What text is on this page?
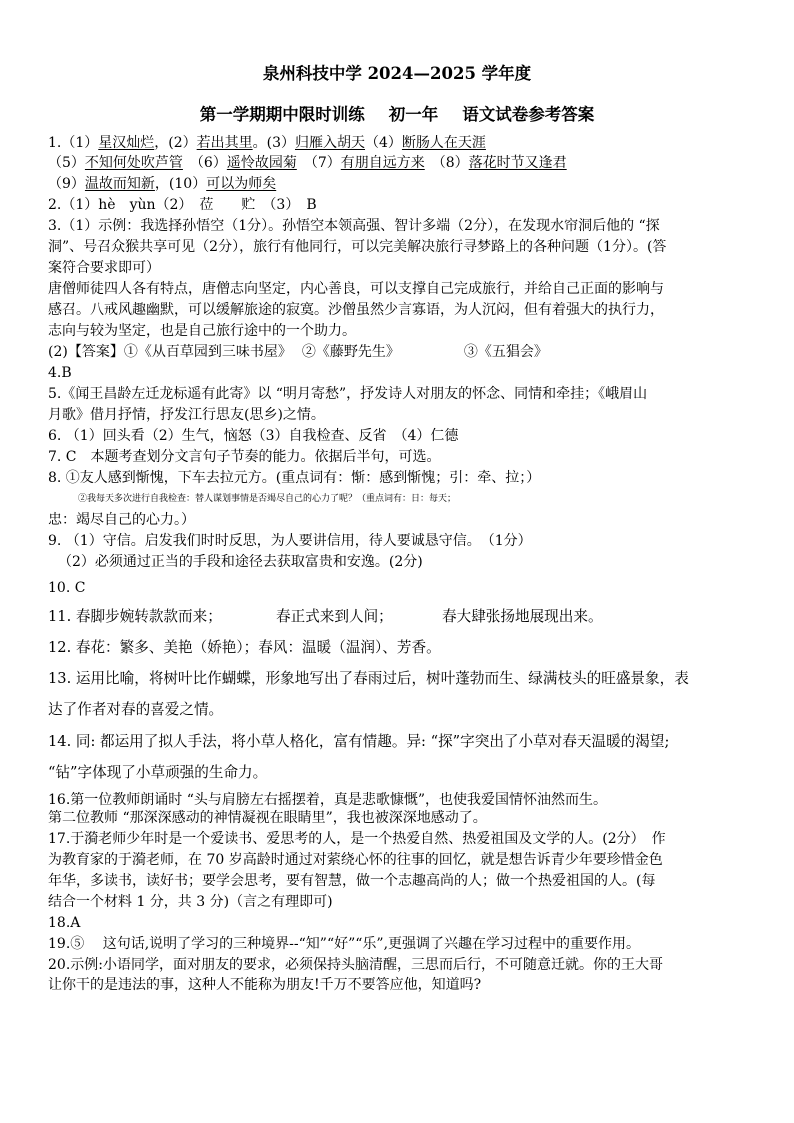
泉州科技中学 2024—2025 学年度
第一学期期中限时训练 初一年 语文试卷参考答案
1.（1）星汉灿烂，(2）若出其里。(3）归雁入胡天（4）断肠人在天涯
（5）不知何处吹芦管　 （6）遥怜故园菊　 （7）有朋自远方来　 （8）落花时节又逢君
（9）温故而知新，(10）可以为师矣
2.（1）hè　yùn（2）　莅　　贮　（3）　B
3.（1）示例：我选择孙悟空（1分）。孙悟空本领高强、智计多端（2分），在发现水帘洞后他的 “探
洞”、号召众猴共享可见（2分），旅行有他同行，可以完美解决旅行寻梦路上的各种问题（1分）。(答
案符合要求即可）
唐僧师徒四人各有特点，唐僧志向坚定，内心善良，可以支撑自己完成旅行，并给自己正面的影响与
感召。八戒风趣幽默，可以缓解旅途的寂寞。沙僧虽然少言寡语，为人沉闷，但有着强大的执行力，
志向与较为坚定，也是自己旅行途中的一个助力。
(2)【答案】①《从百草园到三味书屋》 ②《藤野先生》	③《五猖会》
4.B
5.《闻王昌龄左迁龙标遥有此寄》以 “明月寄愁”，抒发诗人对朋友的怀念、同情和牵挂；《峨眉山
月歌》借月抒情，抒发江行思友(思乡)之情。
6. （1）回头看（2）生气，恼怒（3）自我检查、反省　（4）仁德
7. C　本题考查划分文言句子节奏的能力。依据后半句，可选。
8. ①友人感到惭愧，下车去拉元方。(重点词有：惭：感到惭愧；引：牵、拉；）
②我每天多次进行自我检查：替人谋划事情是否竭尽自己的心力了呢？（重点词有：日：每天；
忠：竭尽自己的心力。）
9. （1）守信。启发我们时时反思，为人要讲信用，待人要诚恳守信。　（1分）
（2）必须通过正当的手段和途径去获取富贵和安逸。(2分)
10. C
11. 春脚步婉转款款而来；	春正式来到人间；	春大肆张扬地展现出来。
12. 春花：繁多、美艳（娇艳）；春风：温暖（温润）、芳香。
13. 运用比喻，将树叶比作蝴蝶，形象地写出了春雨过后，树叶蓬勃而生、绿满枝头的旺盛景象，表
达了作者对春的喜爱之情。
14. 同: 都运用了拟人手法，将小草人格化，富有情趣。异: “探”字突出了小草对春天温暖的渴望;
“钻”字体现了小草顽强的生命力。
16.第一位教师朗诵时 “头与肩膀左右摇摆着，真是悲歌慷慨”，也使我爱国情怀油然而生。
第二位教师 “那深深感动的神情凝视在眼睛里”，我也被深深地感动了。
17.于漪老师少年时是一个爱读书、爱思考的人，是一个热爱自然、热爱祖国及文学的人。(2分）　作
为教育家的于漪老师，在 70 岁高龄时通过对萦绕心怀的往事的回忆，就是想告诉青少年要珍惜金色
年华，多读书，读好书；要学会思考，要有智慧，做一个志趣高尚的人；做一个热爱祖国的人。(每
结合一个材料 1 分，共 3 分)（言之有理即可)
18.A
19.⑤　 这句话,说明了学习的三种境界--“知”“好”“乐”,更强调了兴趣在学习过程中的重要作用。
20.示例:小语同学，面对朋友的要求，必须保持头脑清醒，三思而后行，不可随意迁就。你的王大哥
让你干的是违法的事，这种人不能称为朋友!千万不要答应他，知道吗?
